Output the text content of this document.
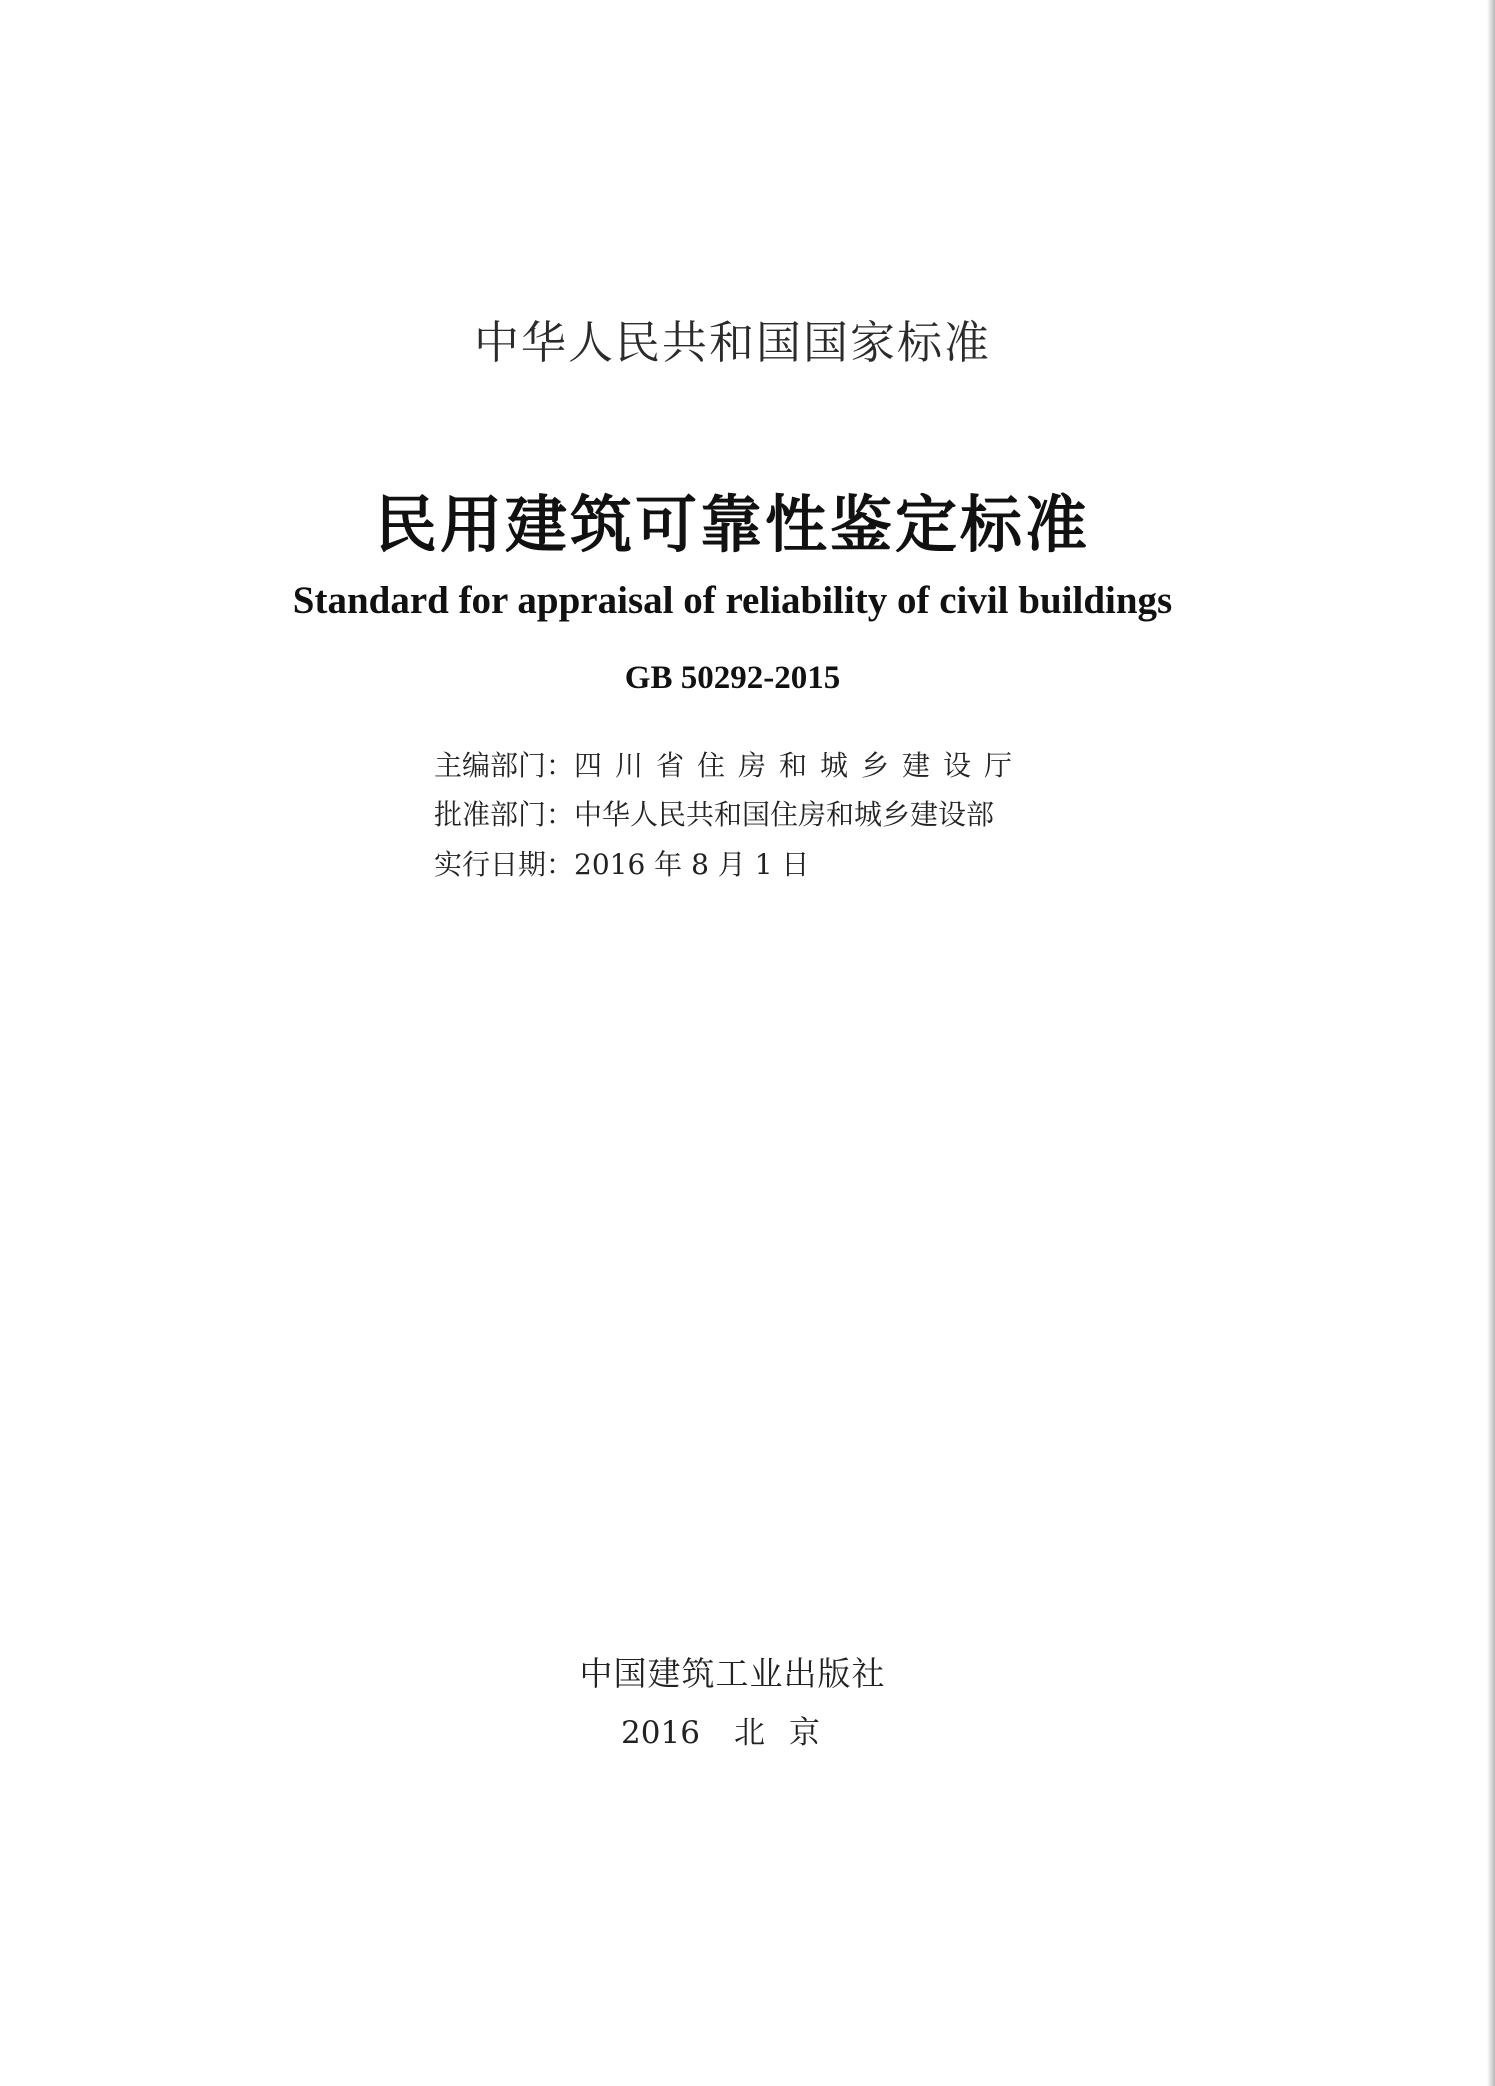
中华人民共和国国家标准
民用建筑可靠性鉴定标准
Standard for appraisal of reliability of civil buildings
GB 50292-2015
主编部门：四川省住房和城乡建设厅
批准部门：中华人民共和国住房和城乡建设部
实行日期：2016 年 8 月 1 日
中国建筑工业出版社
2016 北京
